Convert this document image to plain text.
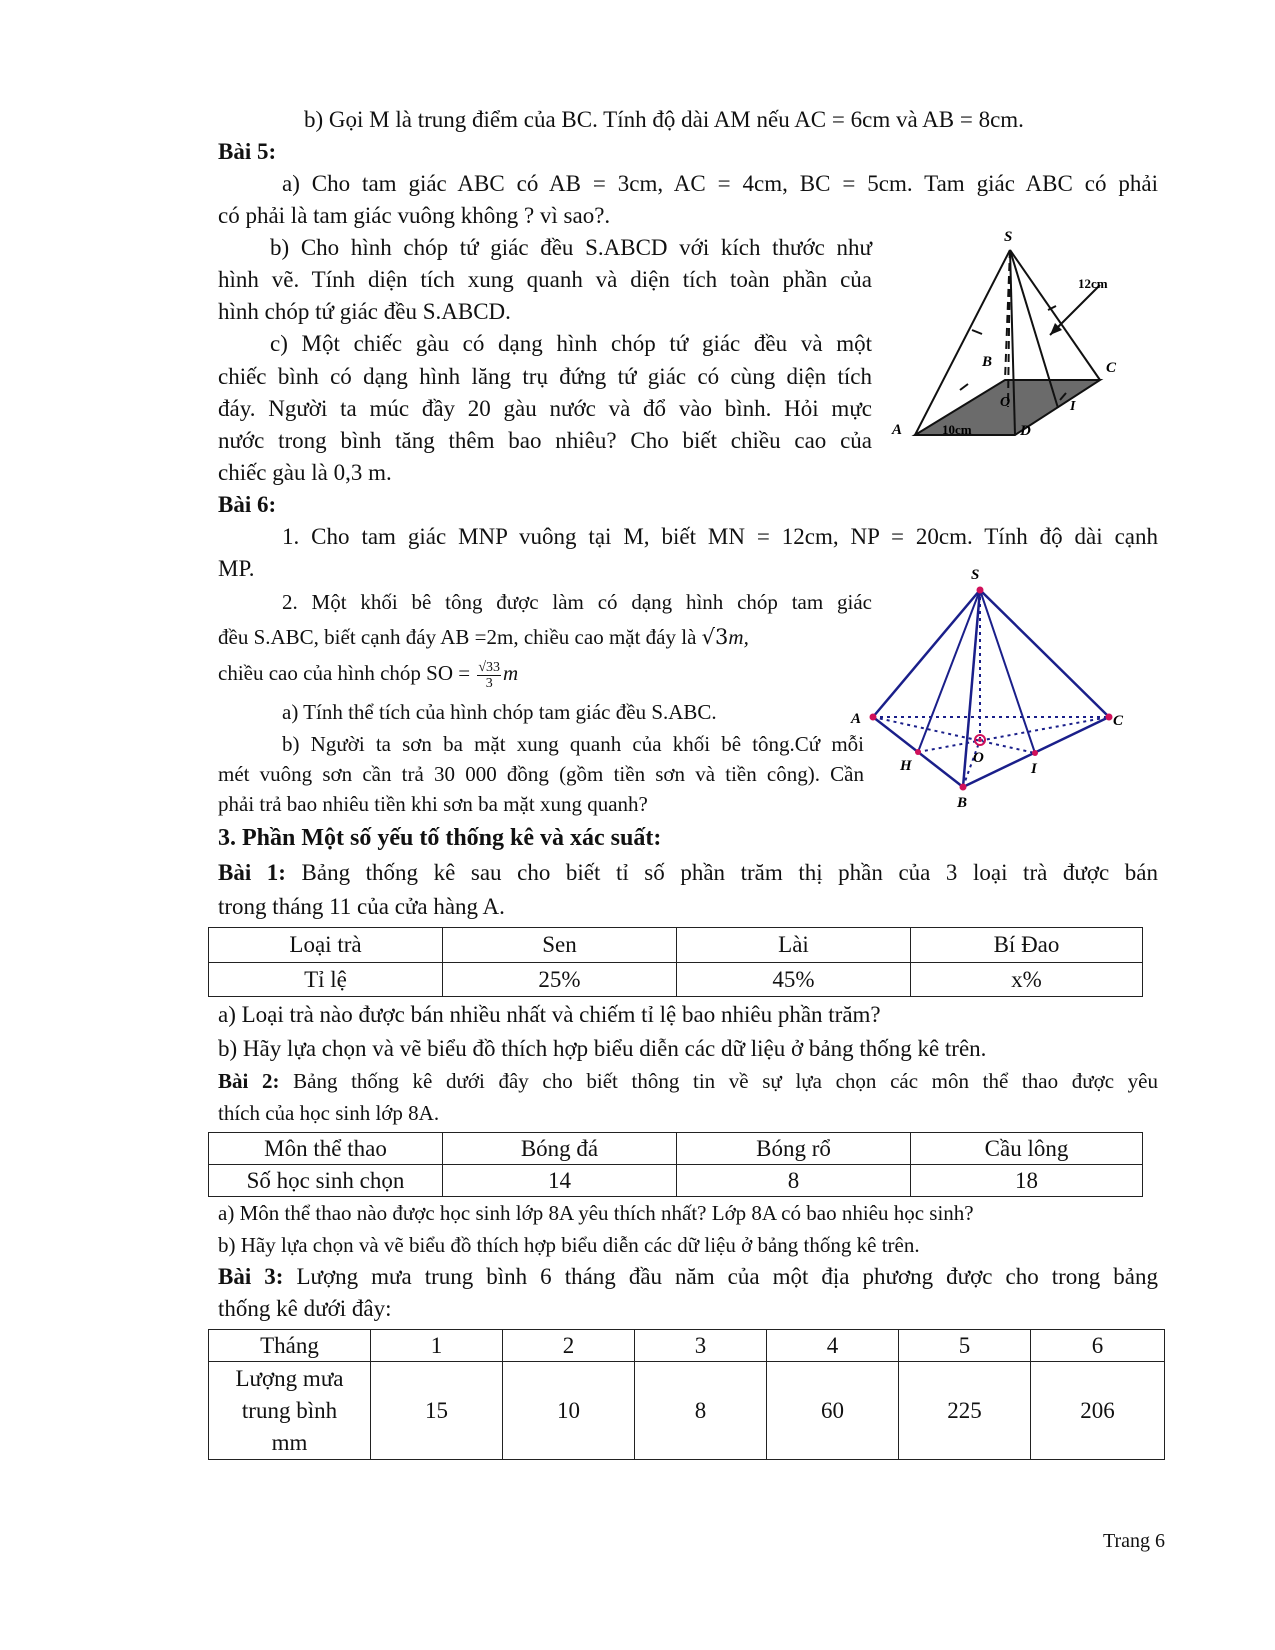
b) Gọi M là trung điểm của BC. Tính độ dài AM nếu AC = 6cm và AB = 8cm.
Bài 5:
a) Cho tam giác ABC có AB = 3cm, AC = 4cm, BC = 5cm. Tam giác ABC có phải
có phải là tam giác vuông không ? vì sao?.
b) Cho hình chóp tứ giác đều S.ABCD với kích thước như
hình vẽ. Tính diện tích xung quanh và diện tích toàn phần của
hình chóp tứ giác đều S.ABCD.
c) Một chiếc gàu có dạng hình chóp tứ giác đều và một
chiếc bình có dạng hình lăng trụ đứng tứ giác có cùng diện tích
đáy. Người ta múc đầy 20 gàu nước và đổ vào bình. Hỏi mực
nước trong bình tăng thêm bao nhiêu? Cho biết chiều cao của
chiếc gàu là 0,3 m.
S
A
B	C
D
O	I
12cm
10cm
Bài 6:
1. Cho tam giác MNP vuông tại M, biết MN = 12cm, NP = 20cm. Tính độ dài cạnh
MP.
2. Một khối bê tông được làm có dạng hình chóp tam giác
đều S.ABC, biết cạnh đáy AB =2m, chiều cao mặt đáy là √3m,
chiều cao của hình chóp SO = $\frac{√33}{3}$ m
a) Tính thể tích của hình chóp tam giác đều S.ABC.
b) Người ta sơn ba mặt xung quanh của khối bê tông.Cứ mỗi
mét vuông sơn cần trả 30 000 đồng (gồm tiền sơn và tiền công). Cần
phải trả bao nhiêu tiền khi sơn ba mặt xung quanh?
S
A	C
B
H	I
O
3. Phần Một số yếu tố thống kê và xác suất:
Bài 1: Bảng thống kê sau cho biết tỉ số phần trăm thị phần của 3 loại trà được bán
trong tháng 11 của cửa hàng A.
Loại trà	Sen	Lài	Bí Đao
Tỉ lệ	25%	45%	x%
a) Loại trà nào được bán nhiều nhất và chiếm tỉ lệ bao nhiêu phần trăm?
b) Hãy lựa chọn và vẽ biểu đồ thích hợp biểu diễn các dữ liệu ở bảng thống kê trên.
Bài 2: Bảng thống kê dưới đây cho biết thông tin về sự lựa chọn các môn thể thao được yêu
thích của học sinh lớp 8A.
Môn thể thao	Bóng đá	Bóng rổ	Cầu lông
Số học sinh chọn	14	8	18
a) Môn thể thao nào được học sinh lớp 8A yêu thích nhất? Lớp 8A có bao nhiêu học sinh?
b) Hãy lựa chọn và vẽ biểu đồ thích hợp biểu diễn các dữ liệu ở bảng thống kê trên.
Bài 3: Lượng mưa trung bình 6 tháng đầu năm của một địa phương được cho trong bảng
thống kê dưới đây:
Tháng	1	2	3	4	5	6
Lượng mưa
trung bình
mm	15	10	8	60	225	206
Trang 6
